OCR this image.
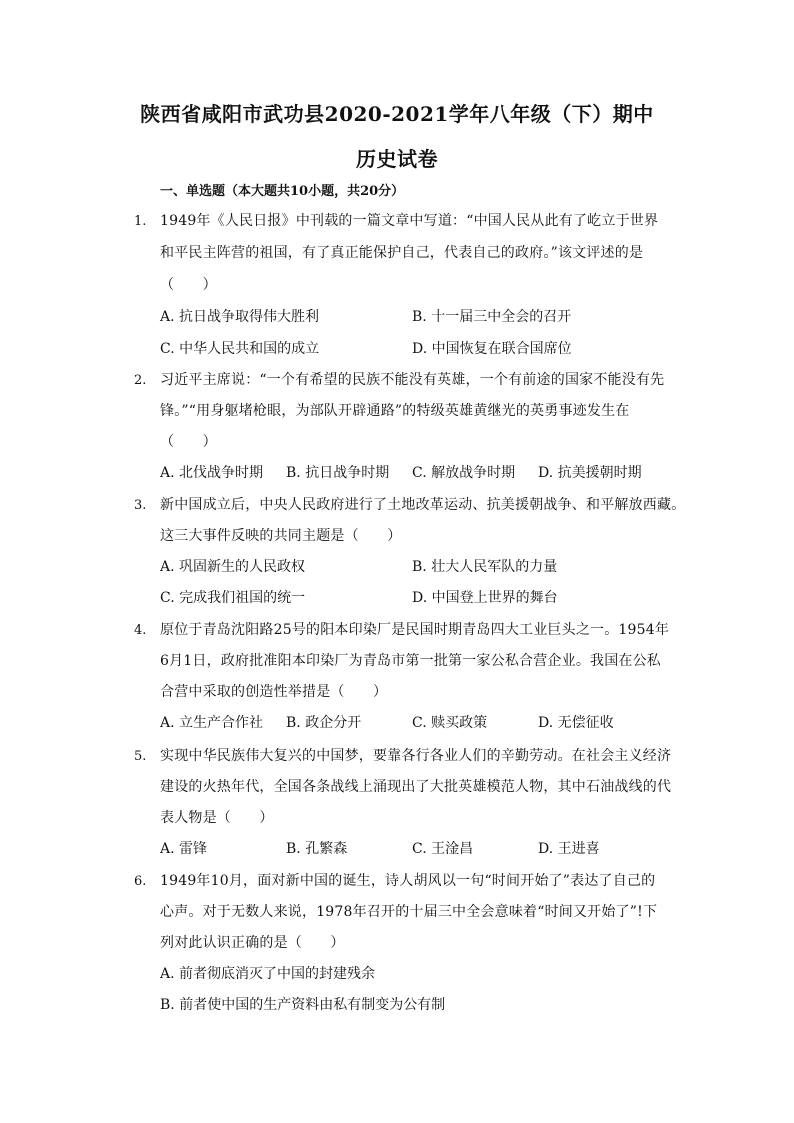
陕西省咸阳市武功县2020-2021学年八年级（下）期中
历史试卷
一、单选题（本大题共10小题，共20分）
1. 1949年《人民日报》中刊载的一篇文章中写道：“中国人民从此有了屹立于世界
和平民主阵营的祖国，有了真正能保护自己，代表自己的政府。”该文评述的是
（　　）
A. 抗日战争取得伟大胜利	B. 十一届三中全会的召开
C. 中华人民共和国的成立	D. 中国恢复在联合国席位
2. 习近平主席说：“一个有希望的民族不能没有英雄，一个有前途的国家不能没有先
锋。”“用身躯堵枪眼，为部队开辟通路”的特级英雄黄继光的英勇事迹发生在
（　　）
A. 北伐战争时期 B. 抗日战争时期 C. 解放战争时期 D. 抗美援朝时期
3. 新中国成立后，中央人民政府进行了土地改革运动、抗美援朝战争、和平解放西藏。
这三大事件反映的共同主题是（　　）
A. 巩固新生的人民政权	B. 壮大人民军队的力量
C. 完成我们祖国的统一	D. 中国登上世界的舞台
4. 原位于青岛沈阳路25号的阳本印染厂是民国时期青岛四大工业巨头之一。1954年
6月1日，政府批准阳本印染厂为青岛市第一批第一家公私合营企业。我国在公私
合营中采取的创造性举措是（　　）
A. 立生产合作社 B. 政企分开	C. 赎买政策	D. 无偿征收
5. 实现中华民族伟大复兴的中国梦，要靠各行各业人们的辛勤劳动。在社会主义经济
建设的火热年代，全国各条战线上涌现出了大批英雄模范人物，其中石油战线的代
表人物是（　　）
A. 雷锋	B. 孔繁森	C. 王淦昌	D. 王进喜
6. 1949年10月，面对新中国的诞生，诗人胡风以一句“时间开始了”表达了自己的
心声。对于无数人来说，1978年召开的十届三中全会意味着“时间又开始了”!下
列对此认识正确的是（　　）
A. 前者彻底消灭了中国的封建残余
B. 前者使中国的生产资料由私有制变为公有制
